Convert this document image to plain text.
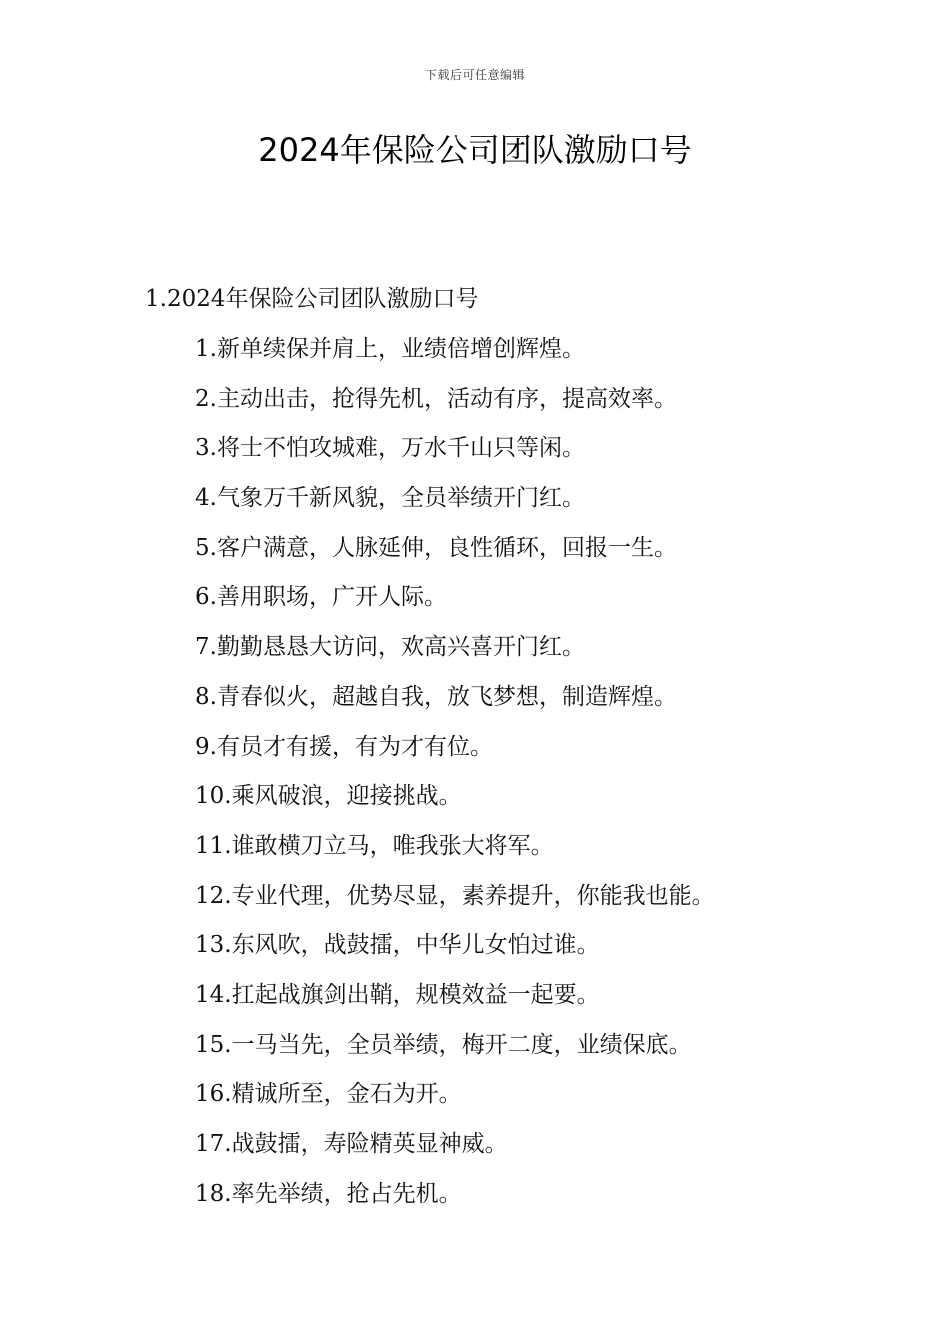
下载后可任意编辑
2024年保险公司团队激励口号
1.2024年保险公司团队激励口号
1.新单续保并肩上，业绩倍增创辉煌。
2.主动出击，抢得先机，活动有序，提高效率。
3.将士不怕攻城难，万水千山只等闲。
4.气象万千新风貌，全员举绩开门红。
5.客户满意，人脉延伸，良性循环，回报一生。
6.善用职场，广开人际。
7.勤勤恳恳大访问，欢高兴喜开门红。
8.青春似火，超越自我，放飞梦想，制造辉煌。
9.有员才有援，有为才有位。
10.乘风破浪，迎接挑战。
11.谁敢横刀立马，唯我张大将军。
12.专业代理，优势尽显，素养提升，你能我也能。
13.东风吹，战鼓擂，中华儿女怕过谁。
14.扛起战旗剑出鞘，规模效益一起要。
15.一马当先，全员举绩，梅开二度，业绩保底。
16.精诚所至，金石为开。
17.战鼓擂，寿险精英显神威。
18.率先举绩，抢占先机。
